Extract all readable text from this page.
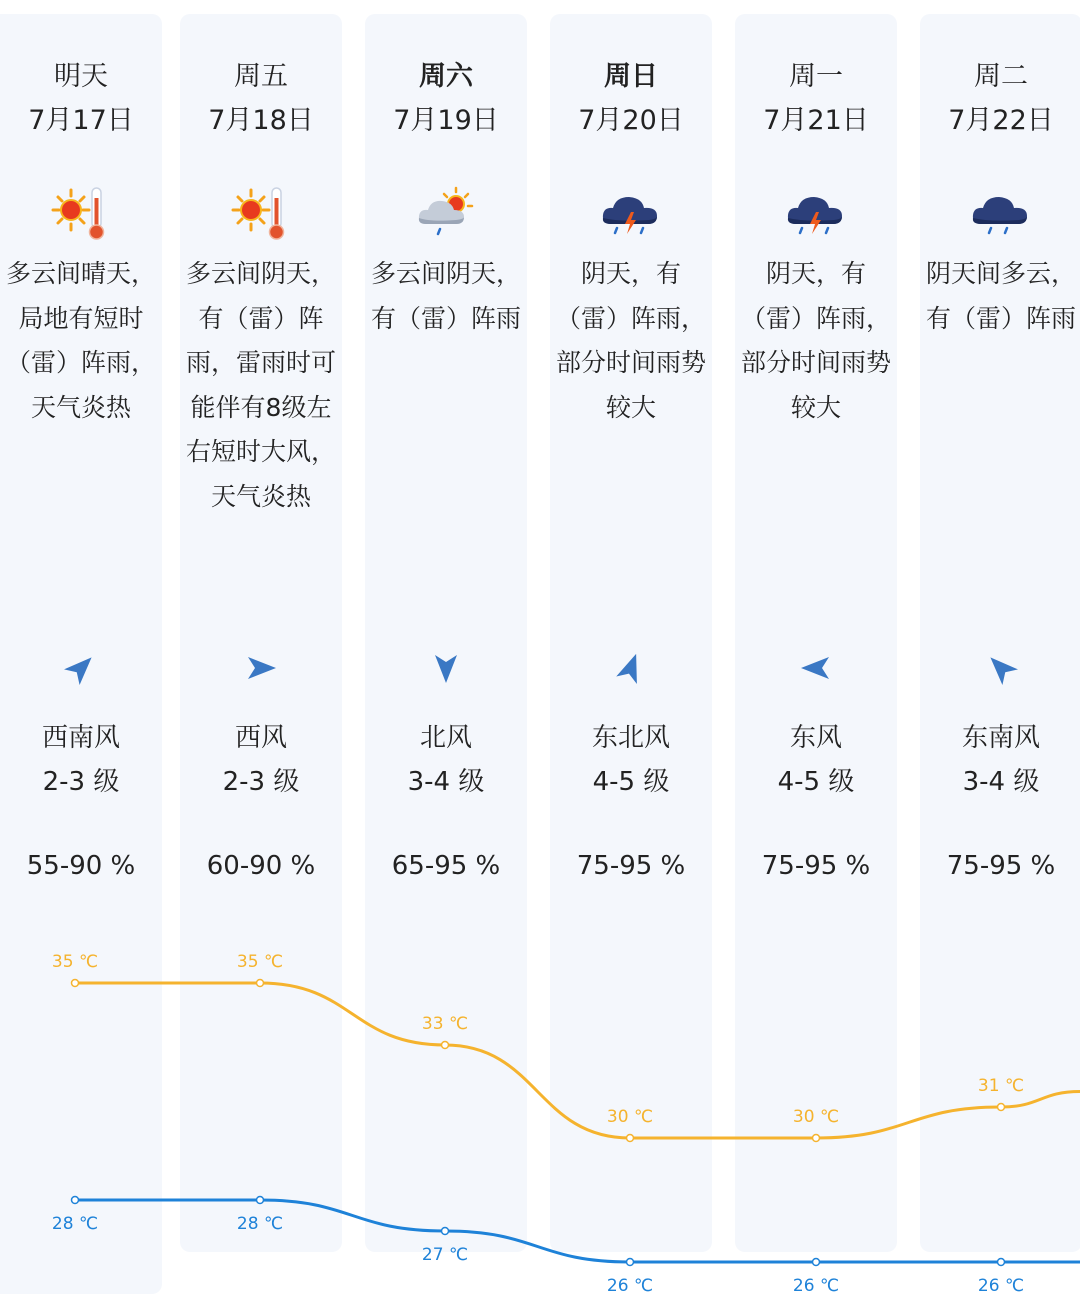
明天
7月17日
多云间晴天，局地有短时（雷）阵雨，天气炎热
西南风
2-3 级
55-90 %
周五
7月18日
多云间阴天，有（雷）阵雨，雷雨时可能伴有8级左右短时大风，天气炎热
西风
2-3 级
60-90 %
周六
7月19日
多云间阴天，有（雷）阵雨
北风
3-4 级
65-95 %
周日
7月20日
阴天，有（雷）阵雨，部分时间雨势较大
东北风
4-5 级
75-95 %
周一
7月21日
阴天，有（雷）阵雨，部分时间雨势较大
东风
4-5 级
75-95 %
周二
7月22日
阴天间多云，有（雷）阵雨
东南风
3-4 级
75-95 %
35 ℃	35 ℃
33 ℃
30 ℃	30 ℃
31 ℃
28 ℃	28 ℃
27 ℃
26 ℃	26 ℃	26 ℃
